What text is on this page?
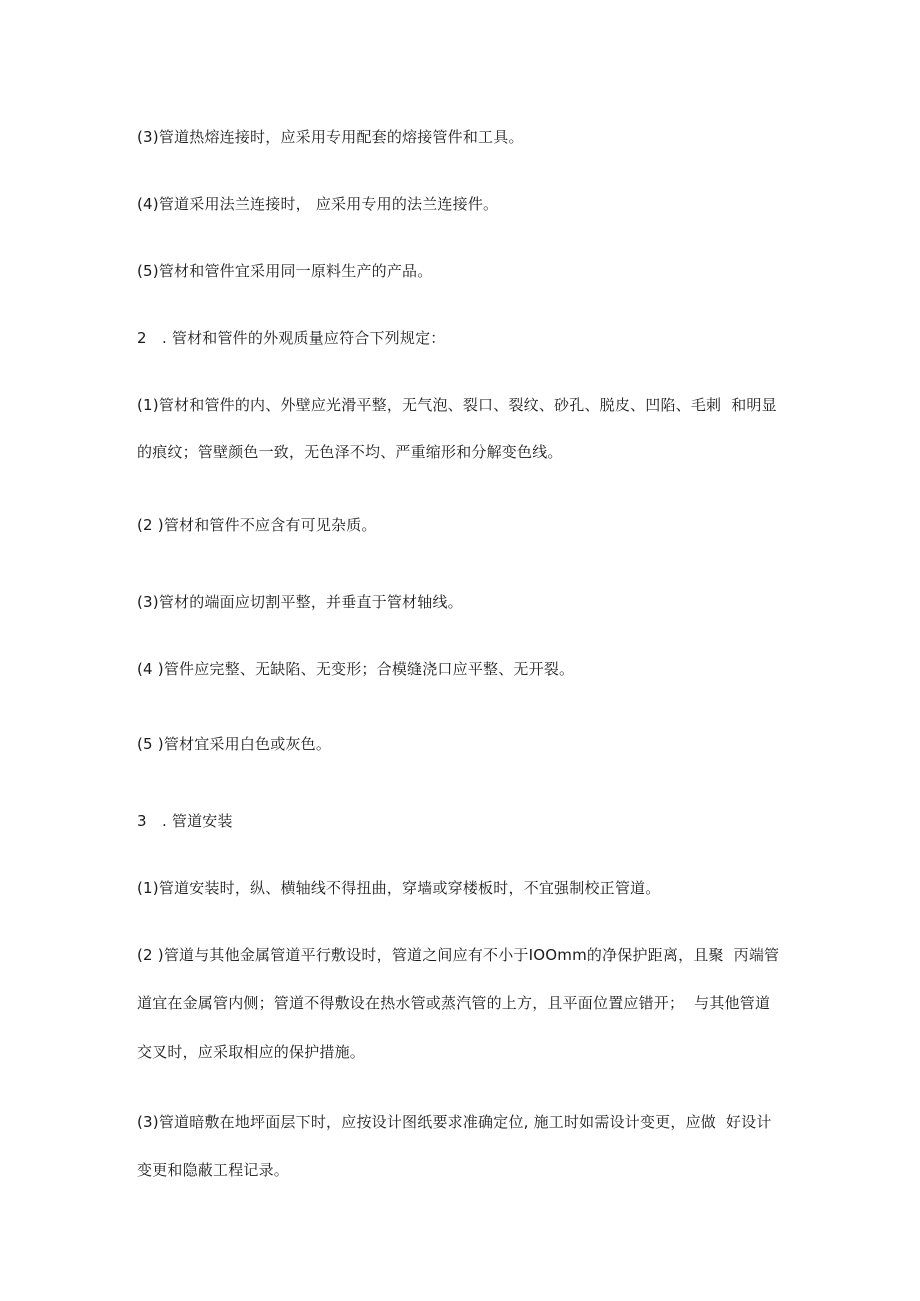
(3)管道热熔连接时，应采用专用配套的熔接管件和工具。

(4)管道采用法兰连接时， 应采用专用的法兰连接件。

(5)管材和管件宜采用同一原料生产的产品。

2　. 管材和管件的外观质量应符合下列规定：

(1)管材和管件的内、外壁应光滑平整，无气泡、裂口、裂纹、砂孔、脱皮、凹陷、毛刺  和明显

的痕纹；管壁颜色一致，无色泽不均、严重缩形和分解变色线。

(2 )管材和管件不应含有可见杂质。

(3)管材的端面应切割平整，并垂直于管材轴线。

(4 )管件应完整、无缺陷、无变形；合模缝浇口应平整、无开裂。

(5 )管材宜采用白色或灰色。

3　. 管道安装

(1)管道安装时，纵、横轴线不得扭曲，穿墙或穿楼板时，不宜强制校正管道。

(2 )管道与其他金属管道平行敷设时，管道之间应有不小于IOOmm的净保护距离，且聚  丙端管

道宜在金属管内侧；管道不得敷设在热水管或蒸汽管的上方，且平面位置应错开；  与其他管道

交叉时，应采取相应的保护措施。

(3)管道暗敷在地坪面层下时，应按设计图纸要求准确定位, 施工时如需设计变更，应做  好设计

变更和隐蔽工程记录。
